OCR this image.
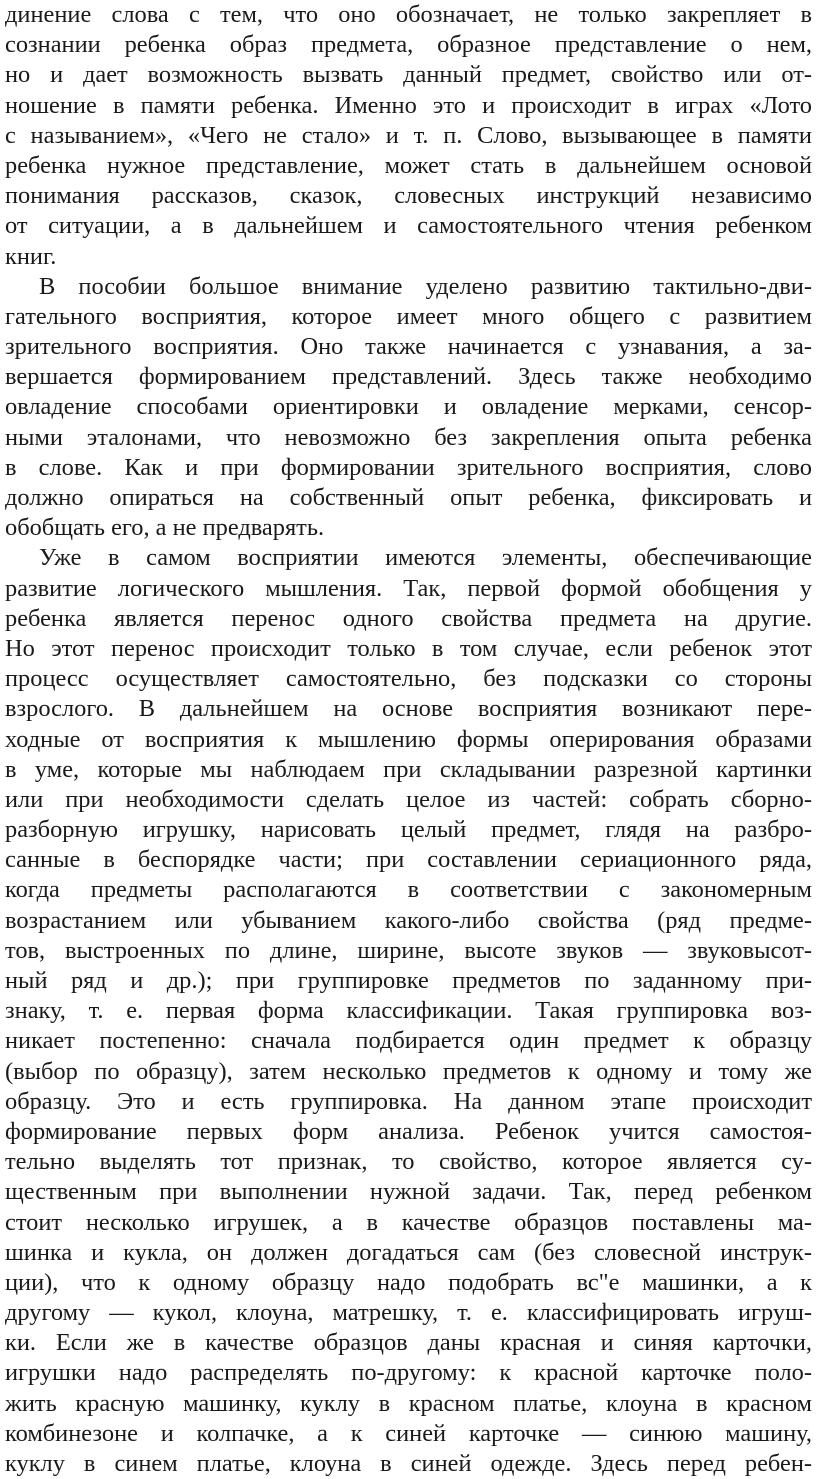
динение слова с тем, что оно обозначает, не только закрепляет в
сознании ребенка образ предмета, образное представление о нем,
но и дает возможность вызвать данный предмет, свойство или от-
ношение в памяти ребенка. Именно это и происходит в играх «Лото
с называнием», «Чего не стало» и т. п. Слово, вызывающее в памяти
ребенка нужное представление, может стать в дальнейшем основой
понимания рассказов, сказок, словесных инструкций независимо
от ситуации, а в дальнейшем и самостоятельного чтения ребенком
книг.
В пособии большое внимание уделено развитию тактильно-дви-
гательного восприятия, которое имеет много общего с развитием
зрительного восприятия. Оно также начинается с узнавания, а за-
вершается формированием представлений. Здесь также необходимо
овладение способами ориентировки и овладение мерками, сенсор-
ными эталонами, что невозможно без закрепления опыта ребенка
в слове. Как и при формировании зрительного восприятия, слово
должно опираться на собственный опыт ребенка, фиксировать и
обобщать его, а не предварять.
Уже в самом восприятии имеются элементы, обеспечивающие
развитие логического мышления. Так, первой формой обобщения у
ребенка является перенос одного свойства предмета на другие.
Но этот перенос происходит только в том случае, если ребенок этот
процесс осуществляет самостоятельно, без подсказки со стороны
взрослого. В дальнейшем на основе восприятия возникают пере-
ходные от восприятия к мышлению формы оперирования образами
в уме, которые мы наблюдаем при складывании разрезной картинки
или при необходимости сделать целое из частей: собрать сборно-
разборную игрушку, нарисовать целый предмет, глядя на разбро-
санные в беспорядке части; при составлении сериационного ряда,
когда предметы располагаются в соответствии с закономерным
возрастанием или убыванием какого-либо свойства (ряд предме-
тов, выстроенных по длине, ширине, высоте звуков — звуковысот-
ный ряд и др.); при группировке предметов по заданному при-
знаку, т. е. первая форма классификации. Такая группировка воз-
никает постепенно: сначала подбирается один предмет к образцу
(выбор по образцу), затем несколько предметов к одному и тому же
образцу. Это и есть группировка. На данном этапе происходит
формирование первых форм анализа. Ребенок учится самостоя-
тельно выделять тот признак, то свойство, которое является су-
щественным при выполнении нужной задачи. Так, перед ребенком
стоит несколько игрушек, а в качестве образцов поставлены ма-
шинка и кукла, он должен догадаться сам (без словесной инструк-
ции), что к одному образцу надо подобрать вс"е машинки, а к
другому — кукол, клоуна, матрешку, т. е. классифицировать игруш-
ки. Если же в качестве образцов даны красная и синяя карточки,
игрушки надо распределять по-другому: к красной карточке поло-
жить красную машинку, куклу в красном платье, клоуна в красном
комбинезоне и колпачке, а к синей карточке — синюю машину,
куклу в синем платье, клоуна в синей одежде. Здесь перед ребен-
